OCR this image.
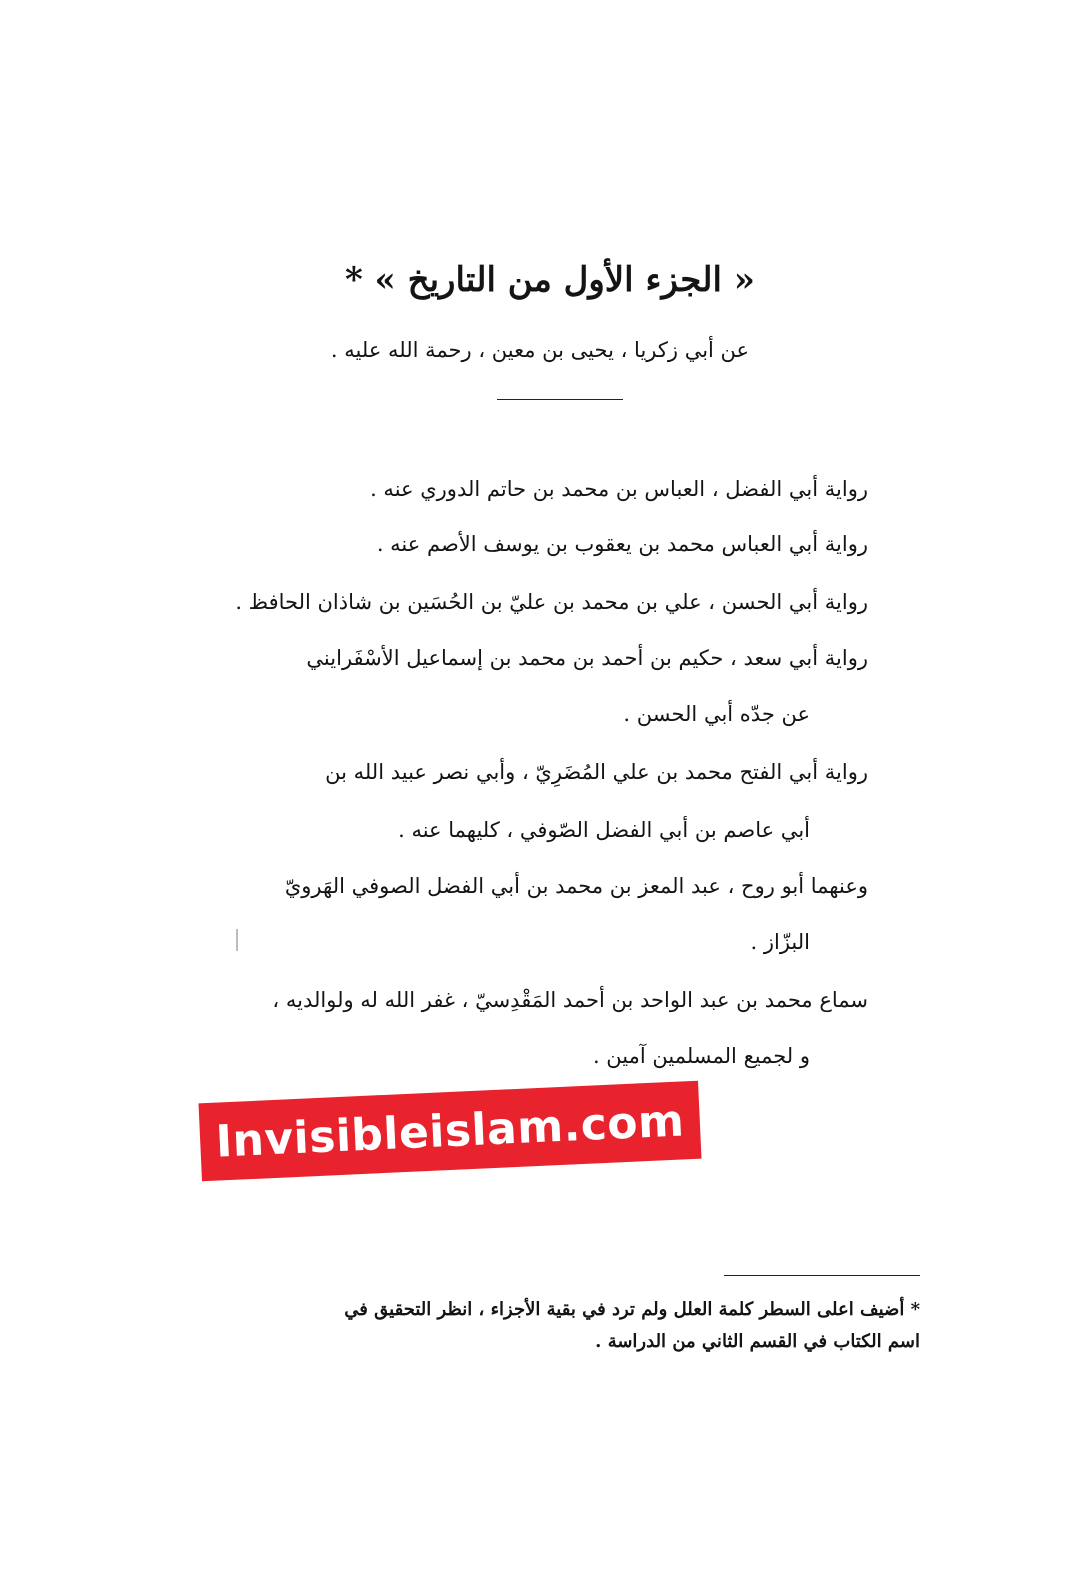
« الجزء الأول من التاريخ » *
عن أبي زكريا ، يحيى بن معين ، رحمة الله عليه .
رواية أبي الفضل ، العباس بن محمد بن حاتم الدوري عنه .
رواية أبي العباس محمد بن يعقوب بن يوسف الأصم عنه .
رواية أبي الحسن ، علي بن محمد بن عليّ بن الحُسَين بن شاذان الحافظ .
رواية أبي سعد ، حكيم بن أحمد بن محمد بن إسماعيل الأسْفَرايني
عن جدّه أبي الحسن .
رواية أبي الفتح محمد بن علي المُضَرِيّ ، وأبي نصر عبيد الله بن
أبي عاصم بن أبي الفضل الصّوفي ، كليهما عنه .
وعنهما أبو روح ، عبد المعز بن محمد بن أبي الفضل الصوفي الهَرويّ
البزّاز .
سماع محمد بن عبد الواحد بن أحمد المَقْدِسيّ ، غفر الله له ولوالديه ،
و لجميع المسلمين آمين .
Invisibleislam.com
* أضيف اعلى السطر كلمة العلل ولم ترد في بقية الأجزاء ، انظر التحقيق في
اسم الكتاب في القسم الثاني من الدراسة .
